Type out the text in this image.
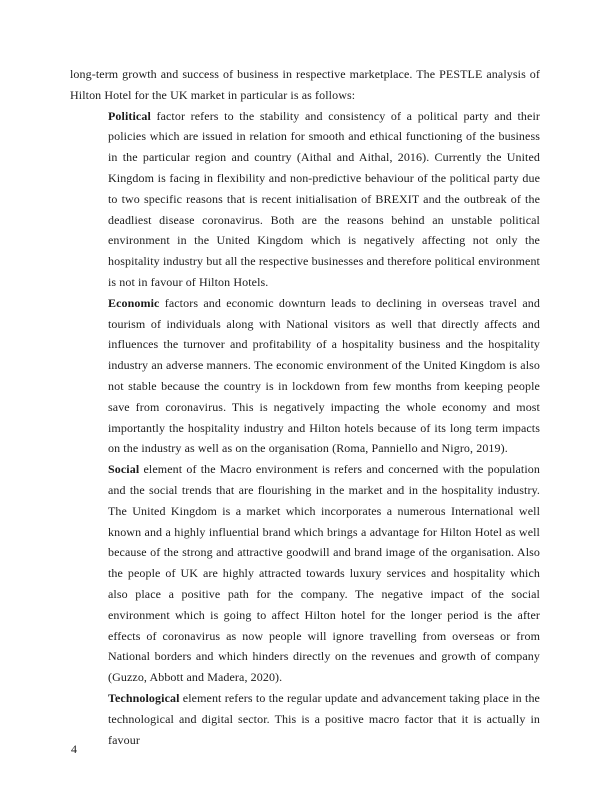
long-term growth and success of business in respective marketplace. The PESTLE analysis of Hilton Hotel for the UK market in particular is as follows:

Political factor refers to the stability and consistency of a political party and their policies which are issued in relation for smooth and ethical functioning of the business in the particular region and country (Aithal and Aithal, 2016). Currently the United Kingdom is facing in flexibility and non-predictive behaviour of the political party due to two specific reasons that is recent initialisation of BREXIT and the outbreak of the deadliest disease coronavirus. Both are the reasons behind an unstable political environment in the United Kingdom which is negatively affecting not only the hospitality industry but all the respective businesses and therefore political environment is not in favour of Hilton Hotels.

Economic factors and economic downturn leads to declining in overseas travel and tourism of individuals along with National visitors as well that directly affects and influences the turnover and profitability of a hospitality business and the hospitality industry an adverse manners. The economic environment of the United Kingdom is also not stable because the country is in lockdown from few months from keeping people save from coronavirus. This is negatively impacting the whole economy and most importantly the hospitality industry and Hilton hotels because of its long term impacts on the industry as well as on the organisation (Roma, Panniello and Nigro, 2019).

Social element of the Macro environment is refers and concerned with the population and the social trends that are flourishing in the market and in the hospitality industry. The United Kingdom is a market which incorporates a numerous International well known and a highly influential brand which brings a advantage for Hilton Hotel as well because of the strong and attractive goodwill and brand image of the organisation. Also the people of UK are highly attracted towards luxury services and hospitality which also place a positive path for the company. The negative impact of the social environment which is going to affect Hilton hotel for the longer period is the after effects of coronavirus as now people will ignore travelling from overseas or from National borders and which hinders directly on the revenues and growth of company (Guzzo, Abbott and Madera, 2020).

Technological element refers to the regular update and advancement taking place in the technological and digital sector. This is a positive macro factor that it is actually in favour

4
